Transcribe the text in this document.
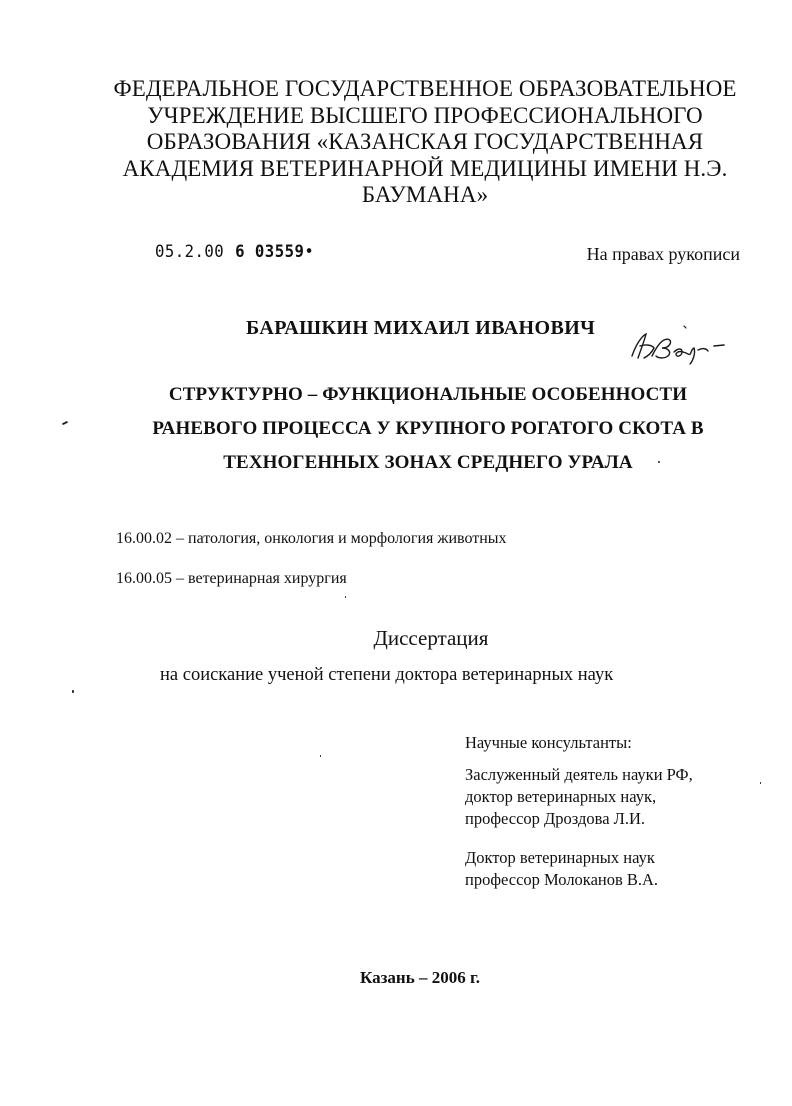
ФЕДЕРАЛЬНОЕ ГОСУДАРСТВЕННОЕ ОБРАЗОВАТЕЛЬНОЕ
УЧРЕЖДЕНИЕ ВЫСШЕГО ПРОФЕССИОНАЛЬНОГО
ОБРАЗОВАНИЯ «КАЗАНСКАЯ ГОСУДАРСТВЕННАЯ
АКАДЕМИЯ ВЕТЕРИНАРНОЙ МЕДИЦИНЫ ИМЕНИ Н.Э.
БАУМАНА»
05.2.00 6 03559•	На правах рукописи
БАРАШКИН МИХАИЛ ИВАНОВИЧ
СТРУКТУРНО – ФУНКЦИОНАЛЬНЫЕ ОСОБЕННОСТИ
РАНЕВОГО ПРОЦЕССА У КРУПНОГО РОГАТОГО СКОТА В
ТЕХНОГЕННЫХ ЗОНАХ СРЕДНЕГО УРАЛА
16.00.02 – патология, онкология и морфология животных
16.00.05 – ветеринарная хирургия
Диссертация
на соискание ученой степени доктора ветеринарных наук
Научные консультанты:
Заслуженный деятель науки РФ,
доктор ветеринарных наук,
профессор Дроздова Л.И.
Доктор ветеринарных наук
профессор Молоканов В.А.
Казань – 2006 г.
